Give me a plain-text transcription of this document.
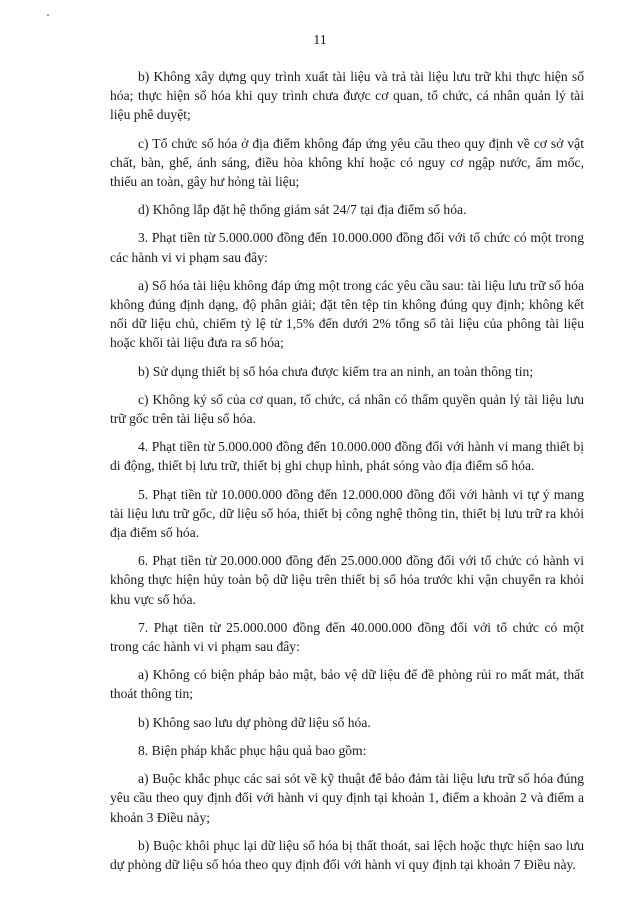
11

b) Không xây dựng quy trình xuất tài liệu và trả tài liệu lưu trữ khi thực hiện số hóa; thực hiện số hóa khi quy trình chưa được cơ quan, tổ chức, cá nhân quản lý tài liệu phê duyệt;

c) Tổ chức số hóa ở địa điểm không đáp ứng yêu cầu theo quy định về cơ sở vật chất, bàn, ghế, ánh sáng, điều hòa không khí hoặc có nguy cơ ngập nước, ẩm mốc, thiếu an toàn, gây hư hỏng tài liệu;

d) Không lắp đặt hệ thống giám sát 24/7 tại địa điểm số hóa.

3. Phạt tiền từ 5.000.000 đồng đến 10.000.000 đồng đối với tổ chức có một trong các hành vi vi phạm sau đây:

a) Số hóa tài liệu không đáp ứng một trong các yêu cầu sau: tài liệu lưu trữ số hóa không đúng định dạng, độ phân giải; đặt tên tệp tin không đúng quy định; không kết nối dữ liệu chủ, chiếm tỷ lệ từ 1,5% đến dưới 2% tổng số tài liệu của phông tài liệu hoặc khối tài liệu đưa ra số hóa;

b) Sử dụng thiết bị số hóa chưa được kiểm tra an ninh, an toàn thông tin;

c) Không ký số của cơ quan, tổ chức, cá nhân có thẩm quyền quản lý tài liệu lưu trữ gốc trên tài liệu số hóa.

4. Phạt tiền từ 5.000.000 đồng đến 10.000.000 đồng đối với hành vi mang thiết bị di động, thiết bị lưu trữ, thiết bị ghi chụp hình, phát sóng vào địa điểm số hóa.

5. Phạt tiền từ 10.000.000 đồng đến 12.000.000 đồng đối với hành vi tự ý mang tài liệu lưu trữ gốc, dữ liệu số hóa, thiết bị công nghệ thông tin, thiết bị lưu trữ ra khỏi địa điểm số hóa.

6. Phạt tiền từ 20.000.000 đồng đến 25.000.000 đồng đối với tổ chức có hành vi không thực hiện hủy toàn bộ dữ liệu trên thiết bị số hóa trước khi vận chuyển ra khỏi khu vực số hóa.

7. Phạt tiền từ 25.000.000 đồng đến 40.000.000 đồng đối với tổ chức có một trong các hành vi vi phạm sau đây:

a) Không có biện pháp bảo mật, bảo vệ dữ liệu để đề phòng rủi ro mất mát, thất thoát thông tin;

b) Không sao lưu dự phòng dữ liệu số hóa.

8. Biện pháp khắc phục hậu quả bao gồm:

a) Buộc khắc phục các sai sót về kỹ thuật để bảo đảm tài liệu lưu trữ số hóa đúng yêu cầu theo quy định đối với hành vi quy định tại khoản 1, điểm a khoản 2 và điểm a khoản 3 Điều này;

b) Buộc khôi phục lại dữ liệu số hóa bị thất thoát, sai lệch hoặc thực hiện sao lưu dự phòng dữ liệu số hóa theo quy định đối với hành vi quy định tại khoản 7 Điều này.
